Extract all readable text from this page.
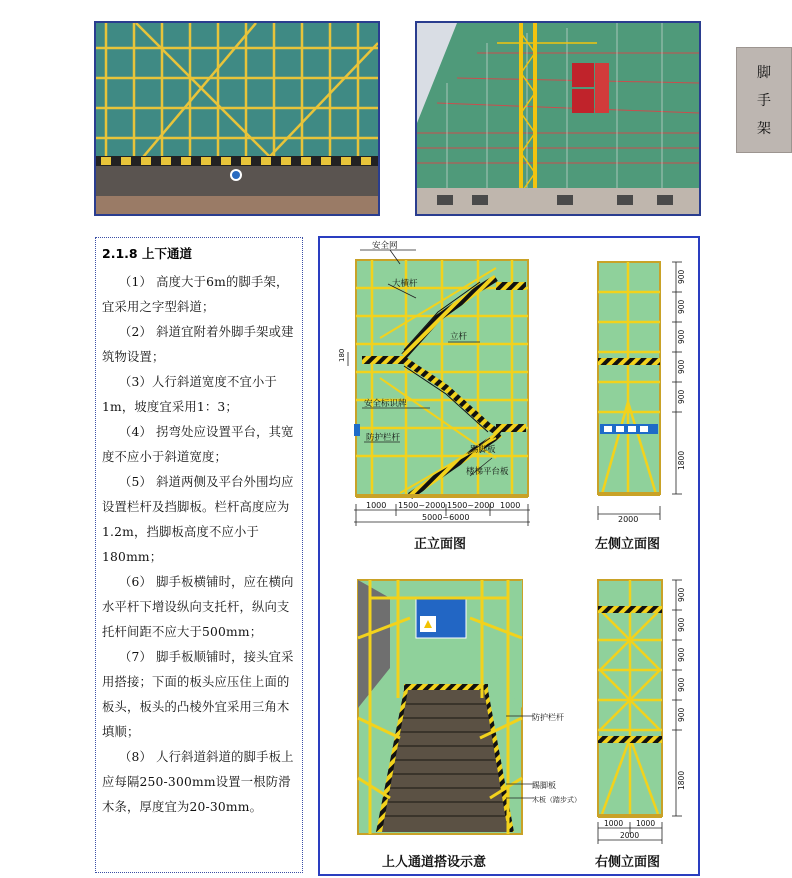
脚
手
架

2.1.8 上下通道

（1） 高度大于6m的脚手架，宜采用之字型斜道；

（2） 斜道宜附着外脚手架或建筑物设置；

（3）人行斜道宽度不宜小于1m，坡度宜采用1：3；

（4） 拐弯处应设置平台，其宽度不应小于斜道宽度；

（5） 斜道两侧及平台外围均应设置栏杆及挡脚板。栏杆高度应为1.2m，挡脚板高度不应小于180mm；

（6） 脚手板横铺时，应在横向水平杆下增设纵向支托杆，纵向支托杆间距不应大于500mm；

（7） 脚手板顺铺时，接头宜采用搭接；下面的板头应压住上面的板头，板头的凸棱外宜采用三角木填顺；

（8） 人行斜道斜道的脚手板上应每隔250-300mm设置一根防滑木条，厚度宜为20-30mm。

安全网
大横杆
立杆
安全标识牌
防护栏杆
踢脚板
楼梯平台板
180
1000 1500~2000 1500~2000 1000
5000~6000
正立面图
900
900
900
900
900
1800
2000
左侧立面图
防护栏杆
踢脚板
木板（踏步式）
上人通道搭设示意
900
900
900
900
900
1800
1000 1000
2000
右侧立面图
